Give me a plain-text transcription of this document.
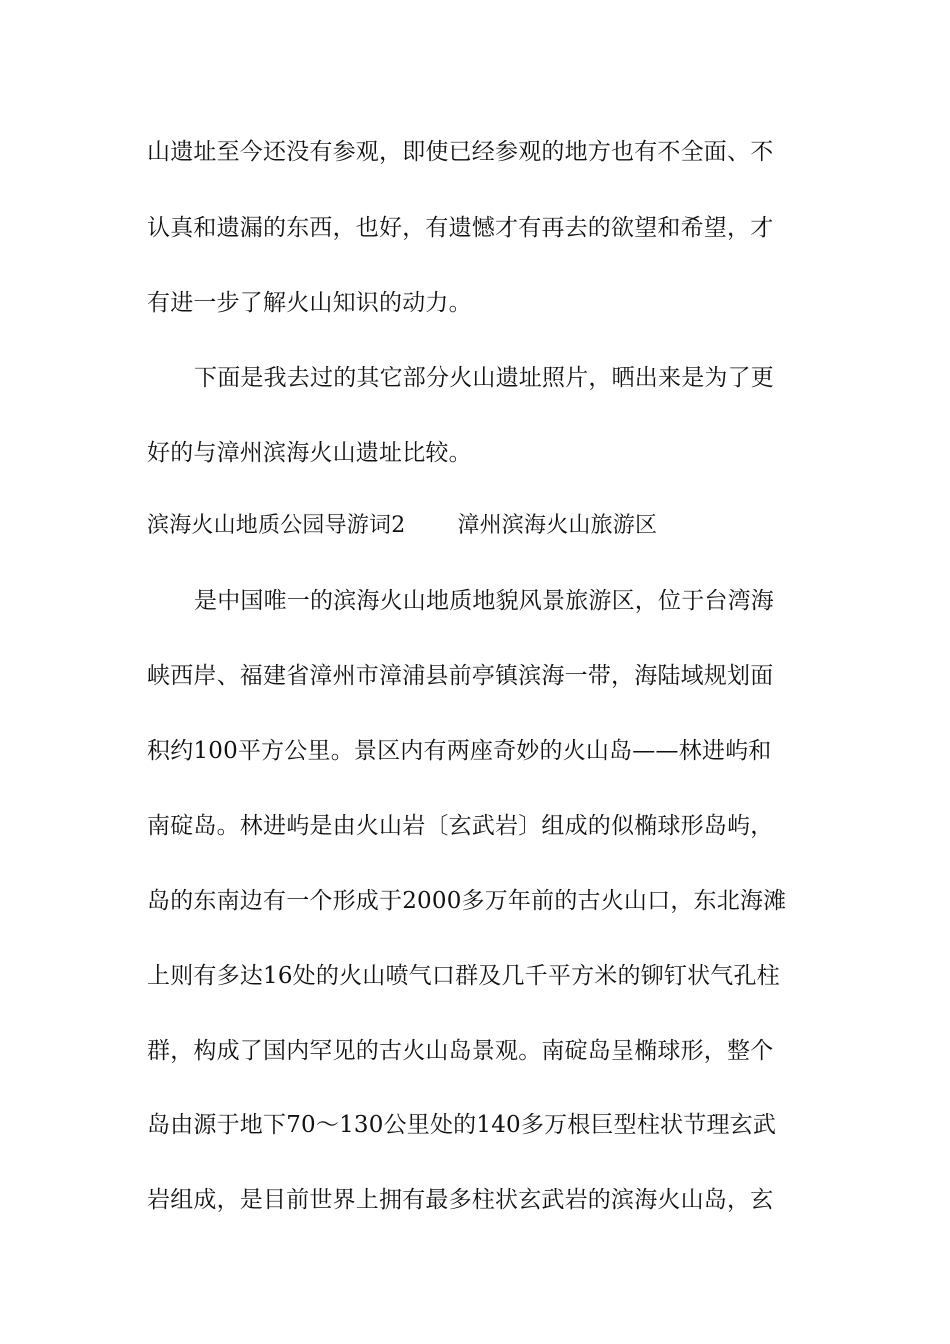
山遗址至今还没有参观，即使已经参观的地方也有不全面、不
认真和遗漏的东西，也好，有遗憾才有再去的欲望和希望，才
有进一步了解火山知识的动力。
下面是我去过的其它部分火山遗址照片，晒出来是为了更
好的与漳州滨海火山遗址比较。
滨海火山地质公园导游词2 漳州滨海火山旅游区
是中国唯一的滨海火山地质地貌风景旅游区，位于台湾海
峡西岸、福建省漳州市漳浦县前亭镇滨海一带，海陆域规划面
积约100平方公里。景区内有两座奇妙的火山岛——林进屿和
南碇岛。林进屿是由火山岩〔玄武岩〕组成的似椭球形岛屿，
岛的东南边有一个形成于2000多万年前的古火山口，东北海滩
上则有多达16处的火山喷气口群及几千平方米的铆钉状气孔柱
群，构成了国内罕见的古火山岛景观。南碇岛呈椭球形，整个
岛由源于地下70～130公里处的140多万根巨型柱状节理玄武
岩组成，是目前世界上拥有最多柱状玄武岩的滨海火山岛，玄
